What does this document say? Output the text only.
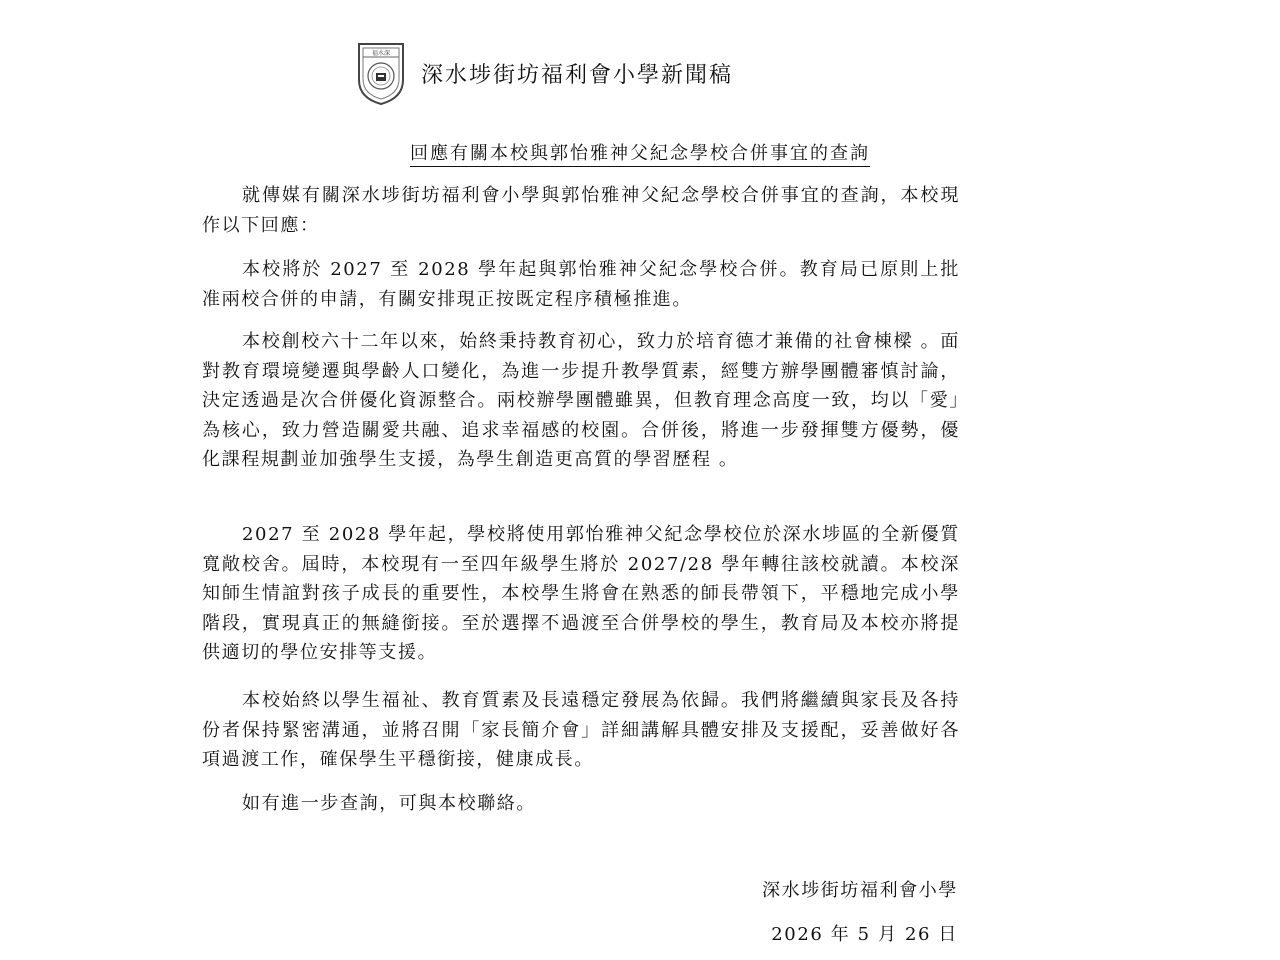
福水深
深水埗街坊福利會小學新聞稿
回應有關本校與郭怡雅神父紀念學校合併事宜的查詢

就傳媒有關深水埗街坊福利會小學與郭怡雅神父紀念學校合併事宜的查詢，本校現作以下回應：

本校將於 2027 至 2028 學年起與郭怡雅神父紀念學校合併。教育局已原則上批准兩校合併的申請，有關安排現正按既定程序積極推進。

本校創校六十二年以來，始終秉持教育初心，致力於培育德才兼備的社會棟樑 。面對教育環境變遷與學齡人口變化，為進一步提升教學質素，經雙方辦學團體審慎討論，決定透過是次合併優化資源整合。兩校辦學團體雖異，但教育理念高度一致，均以「愛」為核心，致力營造關愛共融、追求幸福感的校園。合併後，將進一步發揮雙方優勢，優化課程規劃並加強學生支援，為學生創造更高質的學習歷程 。

2027 至 2028 學年起，學校將使用郭怡雅神父紀念學校位於深水埗區的全新優質寬敞校舍。屆時，本校現有一至四年級學生將於 2027/28 學年轉往該校就讀。本校深知師生情誼對孩子成長的重要性，本校學生將會在熟悉的師長帶領下，平穩地完成小學階段，實現真正的無縫銜接。至於選擇不過渡至合併學校的學生，教育局及本校亦將提供適切的學位安排等支援。

本校始終以學生福祉、教育質素及長遠穩定發展為依歸。我們將繼續與家長及各持份者保持緊密溝通，並將召開「家長簡介會」詳細講解具體安排及支援配，妥善做好各項過渡工作，確保學生平穩銜接，健康成長。

如有進一步查詢，可與本校聯絡。

深水埗街坊福利會小學
2026 年 5 月 26 日
